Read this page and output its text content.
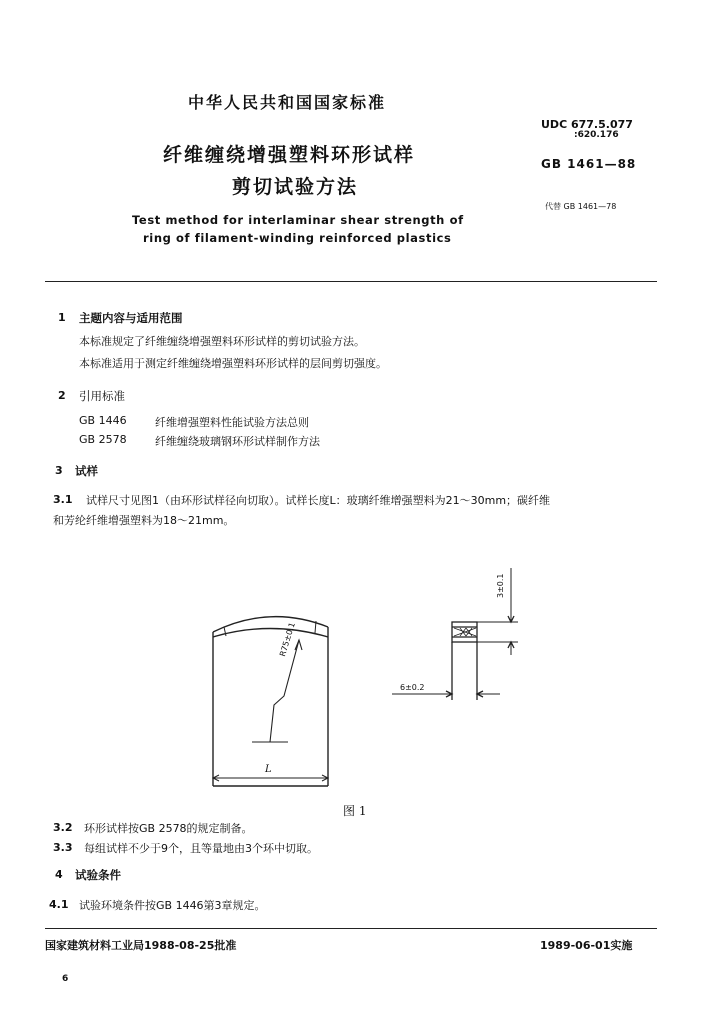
中华人民共和国国家标准
纤维缠绕增强塑料环形试样
剪切试验方法
Test method for interlaminar shear strength of
ring of filament-winding reinforced plastics
UDC 677.5.077
:620.176
GB 1461—88
代替 GB 1461—78
1 主题内容与适用范围
本标准规定了纤维缠绕增强塑料环形试样的剪切试验方法。
本标准适用于测定纤维缠绕增强塑料环形试样的层间剪切强度。
2 引用标准
GB 1446	纤维增强塑料性能试验方法总则
GB 2578	纤维缠绕玻璃钢环形试样制作方法
3 试样
3.1 试样尺寸见图1（由环形试样径向切取）。试样长度L：玻璃纤维增强塑料为21～30mm；碳纤维
和芳纶纤维增强塑料为18～21mm。
R75±0.1
L
6±0.2
3±0.1
图 1
3.2 环形试样按GB 2578的规定制备。
3.3 每组试样不少于9个，且等量地由3个环中切取。
4 试验条件
4.1 试验环境条件按GB 1446第3章规定。
国家建筑材料工业局1988-08-25批准	1989-06-01实施
6
